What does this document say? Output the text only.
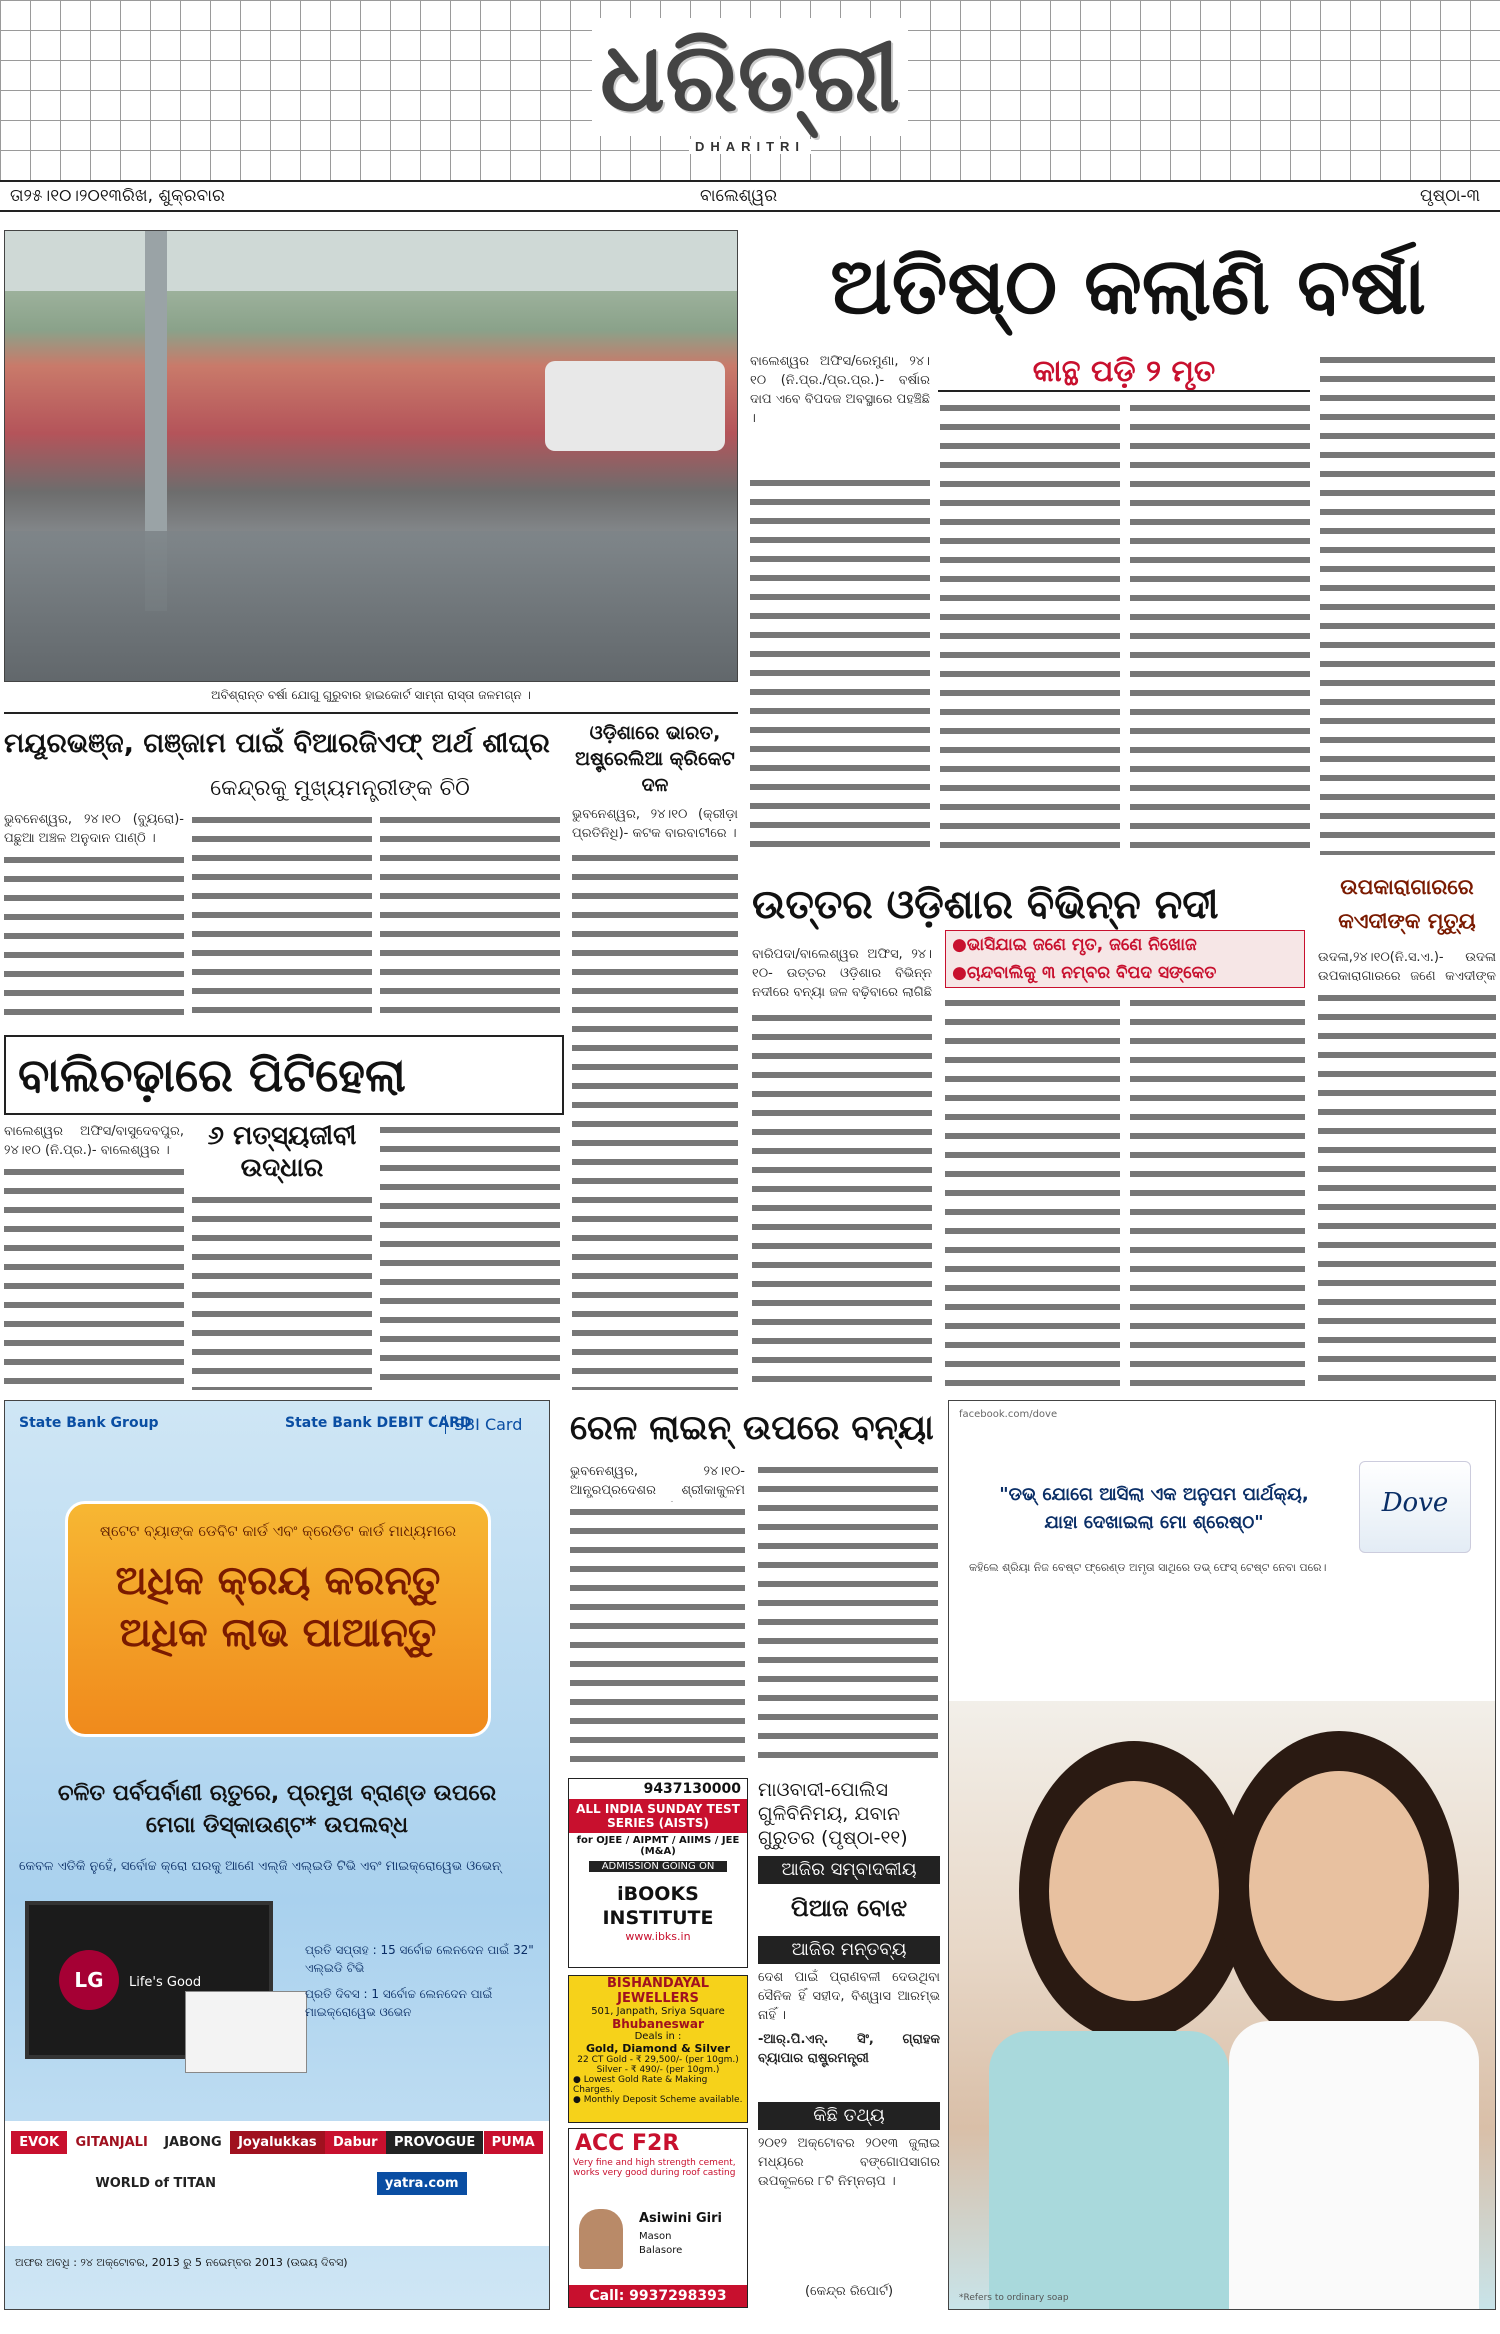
ଧରିତ୍ରୀ
DHARITRI
ତା୨୫।୧୦।୨୦୧୩ରିଖ, ଶୁକ୍ରବାର	ବାଲେଶ୍ୱର	ପୃଷ୍ଠା-୩
ଅବିଶ୍ରାନ୍ତ ବର୍ଷା ଯୋଗୁ ଗୁରୁବାର ହାଇକୋର୍ଟ ସାମ୍ନା ରାସ୍ତା ଜଳମଗ୍ନ ।
ଅତିଷ୍ଠ କଲାଣି ବର୍ଷା
ବାଲେଶ୍ୱର ଅଫିସ/ରେମୁଣା, ୨୪।୧୦ (ନି.ପ୍ର./ପ୍ର.ପ୍ର.)- ବର୍ଷାର ଦାପ ଏବେ ବିପଦଜ ଅବସ୍ଥାରେ ପହଞ୍ଚିଛି ।
କାନ୍ଥ ପଡ଼ି ୨ ମୃତ
ମୟୂରଭଞ୍ଜ, ଗଞ୍ଜାମ ପାଇଁ ବିଆରଜିଏଫ୍ ଅର୍ଥ ଶୀଘ୍ର
କେନ୍ଦ୍ରକୁ ମୁଖ୍ୟମନ୍ତ୍ରୀଙ୍କ ଚିଠି
ଭୁବନେଶ୍ୱର, ୨୪।୧୦ (ବ୍ୟୁରୋ)- ପଛୁଆ ଅଞ୍ଚଳ ଅନୁଦାନ ପାଣ୍ଠି ।
ଓଡ଼ିଶାରେ ଭାରତ, ଅଷ୍ଟ୍ରେଲିଆ କ୍ରିକେଟ ଦଳ
ଭୁବନେଶ୍ୱର, ୨୪।୧୦ (କ୍ରୀଡ଼ା ପ୍ରତିନିଧି)- କଟକ ବାରବାଟୀରେ ।
ବାଲିଚଢ଼ାରେ ପିଟିହେଲା
ବାଲେଶ୍ୱର ଅଫିସ/ବାସୁଦେବପୁର, ୨୪।୧୦ (ନି.ପ୍ର.)- ବାଲେଶ୍ୱର ।	୬ ମତ୍ସ୍ୟଜୀବୀ ଉଦ୍ଧାର
ଉତ୍ତର ଓଡ଼ିଶାର ବିଭିନ୍ନ ନଦୀ
ବାରିପଦା/ବାଲେଶ୍ୱର ଅଫିସ, ୨୪।୧୦- ଉତ୍ତର ଓଡ଼ିଶାର ବିଭିନ୍ନ ନଦୀରେ ବନ୍ୟା ଜଳ ବଢ଼ିବାରେ ଲାଗିଛି
●ଭାସିଯାଇ ଜଣେ ମୃତ, ଜଣେ ନିଖୋଜ
●ଚାନ୍ଦବାଲିକୁ ୩ ନମ୍ବର ବିପଦ ସଙ୍କେତ
ଉପକାରାଗାରରେ କଏଦୀଙ୍କ ମୃତ୍ୟୁ
ଉଦଳା,୨୪।୧୦(ନି.ସ.ଏ.)- ଉଦଳା ଉପକାରାଗାରରେ ଜଣେ କଏଦୀଙ୍କ
State Bank Group	State Bank DEBIT CARD
SBI Card
ଷ୍ଟେଟ ବ୍ୟାଙ୍କ ଡେବିଟ କାର୍ଡ ଏବଂ କ୍ରେଡିଟ କାର୍ଡ ମାଧ୍ୟମରେ
ଅଧିକ କ୍ରୟ କରନ୍ତୁ
ଅଧିକ ଲାଭ ପାଆନ୍ତୁ
ଚଳିତ ପର୍ବପର୍ବାଣୀ ଋତୁରେ, ପ୍ରମୁଖ ବ୍ରାଣ୍ଡ ଉପରେ
ମେଗା ଡିସ୍କାଉଣ୍ଟ* ଉପଲବ୍ଧ
କେବଳ ଏତିକି ନୁହେଁ, ସର୍ବୋଚ୍ଚ କ୍ରୋ ଘରକୁ ଆଣେ ଏଲ୍ଜି ଏଲ୍ଇଡି ଟିଭି ଏବଂ ମାଇକ୍ରୋୱେଭ ଓଭେନ୍
LG	Life's Good
ପ୍ରତି ସପ୍ତାହ : 15 ସର୍ବୋଚ୍ଚ ଲେନଦେନ ପାଇଁ 32" ଏଲ୍ଇଡି ଟିଭି
ପ୍ରତି ଦିବସ : 1 ସର୍ବୋଚ୍ଚ ଲେନଦେନ ପାଇଁ ମାଇକ୍ରୋୱେଭ ଓଭେନ
EVOK	GITANJALI	JABONG	Joyalukkas	Dabur	PROVOGUE	PUMA
WORLD of TITAN	yatra.com
ଅଫର ଅବଧି : ୨୪ ଅକ୍ଟୋବର, 2013 ରୁ 5 ନଭେମ୍ବର 2013 (ଉଭୟ ଦିବସ)
ରେଳ ଲାଇନ୍ ଉପରେ ବନ୍ୟା
ଭୁବନେଶ୍ୱର, ୨୪।୧୦- ଆନ୍ଧ୍ରପ୍ରଦେଶର ଶ୍ରୀକାକୁଳମ
9437130000
ALL INDIA SUNDAY TEST SERIES (AISTS)
for OJEE / AIPMT / AIIMS / JEE (M&A)
ADMISSION GOING ON
iBOOKS INSTITUTE
www.ibks.in
BISHANDAYAL JEWELLERS
501, Janpath, Sriya Square
Bhubaneswar
Deals in :
Gold, Diamond & Silver
22 CT Gold - ₹ 29,500/- (per 10gm.)
Silver - ₹ 490/- (per 10gm.)
● Lowest Gold Rate & Making Charges.
● Monthly Deposit Scheme available.
ACC F2R
Very fine and high strength cement, works very good during roof casting
Asiwini Giri
Mason
Balasore
Call: 9937298393
ମାଓବାଦୀ-ପୋଲିସ ଗୁଳିବିନିମୟ, ଯବାନ ଗୁରୁତର (ପୃଷ୍ଠା-୧୧)
ଆଜିର ସମ୍ବାଦକୀୟ
ପିଆଜ ବୋଝ
ଆଜିର ମନ୍ତବ୍ୟ
ଦେଶ ପାଇଁ ପ୍ରାଣବଳୀ ଦେଉଥିବା ସୈନିକ ହିଁ ସହୀଦ, ବିଶ୍ୱାସ ଆରମ୍ଭ ନାହିଁ ।
-ଆର୍.ପି.ଏନ୍. ସିଂ, ଗ୍ରାହକ ବ୍ୟାପାର ରାଷ୍ଟ୍ରମନ୍ତ୍ରୀ
କିଛି ତଥ୍ୟ
୨୦୧୨ ଅକ୍ଟୋବର ୨୦୧୩ ଜୁଲାଇ ମଧ୍ୟରେ ବଙ୍ଗୋପସାଗର ଉପକୂଳରେ ୮ଟି ନିମ୍ନଚାପ ।
(କେନ୍ଦ୍ର ରିପୋର୍ଟ)
facebook.com/dove
"ଡଭ୍ ଯୋଗେ ଆସିଲା ଏକ ଅନୁପମ ପାର୍ଥକ୍ୟ, ଯାହା ଦେଖାଇଲା ମୋ ଶ୍ରେଷ୍ଠ"
କହିଲେ ଶ୍ରିୟା ନିଜ ବେଷ୍ଟ ଫ୍ରେଣ୍ଡ ଅମୃତା ସାଥିରେ ଡଭ୍ ଫେସ୍ ଟେଷ୍ଟ ନେବା ପରେ।
Dove
*Refers to ordinary soap
